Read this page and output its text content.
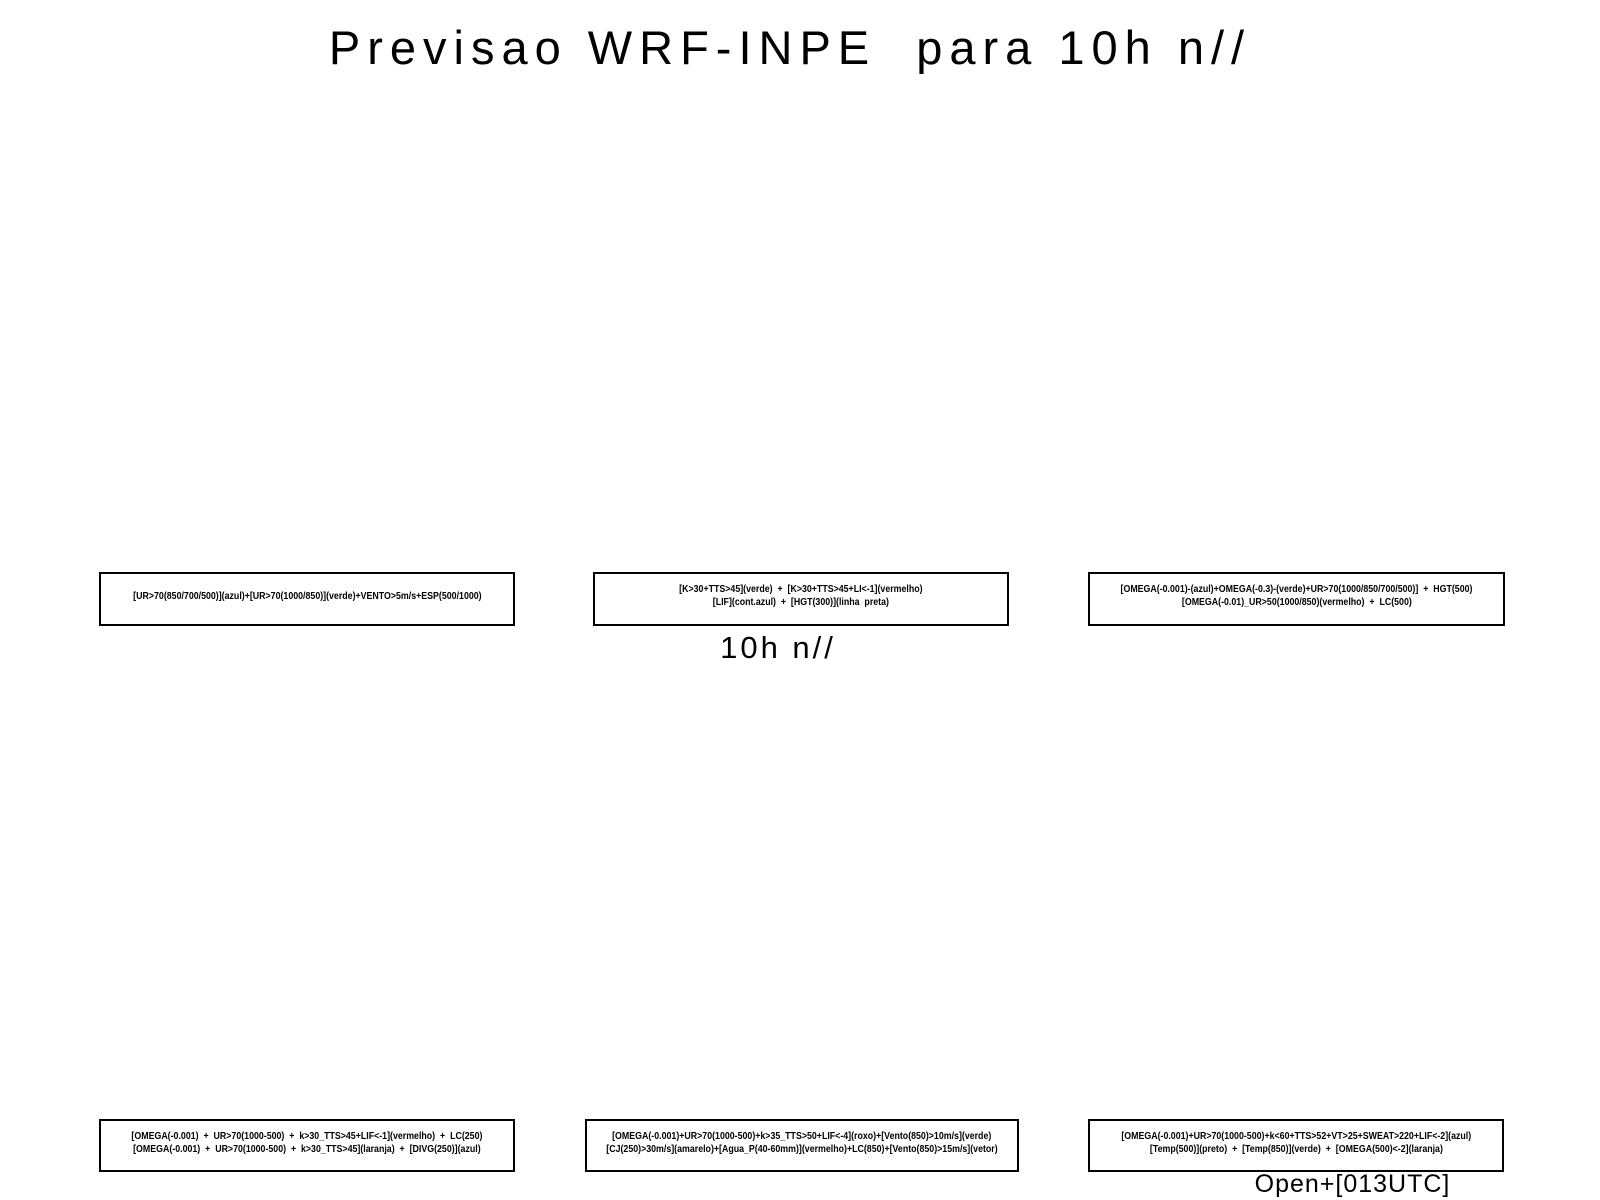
Previsao WRF-INPE  para 10h n//
[UR>70(850/700/500)](azul)+[UR>70(1000/850)](verde)+VENTO>5m/s+ESP(500/1000)
[K>30+TTS>45](verde)  +  [K>30+TTS>45+LI<-1](vermelho)
[LIF](cont.azul)  +  [HGT(300)](linha  preta)
[OMEGA(-0.001)-(azul)+OMEGA(-0.3)-(verde)+UR>70(1000/850/700/500)]  +  HGT(500)
[OMEGA(-0.01)_UR>50(1000/850)(vermelho)  +  LC(500)
10h n//
[OMEGA(-0.001)  +  UR>70(1000-500)  +  k>30_TTS>45+LIF<-1](vermelho)  +  LC(250)
[OMEGA(-0.001)  +  UR>70(1000-500)  +  k>30_TTS>45](laranja)  +  [DIVG(250)](azul)
[OMEGA(-0.001)+UR>70(1000-500)+k>35_TTS>50+LIF<-4](roxo)+[Vento(850)>10m/s](verde)
[CJ(250)>30m/s](amarelo)+[Agua_P(40-60mm)](vermelho)+LC(850)+[Vento(850)>15m/s](vetor)
[OMEGA(-0.001)+UR>70(1000-500)+k<60+TTS>52+VT>25+SWEAT>220+LIF<-2](azul)
[Temp(500)](preto)  +  [Temp(850)](verde)  +  [OMEGA(500)<-2](laranja)
Open+[013UTC]
